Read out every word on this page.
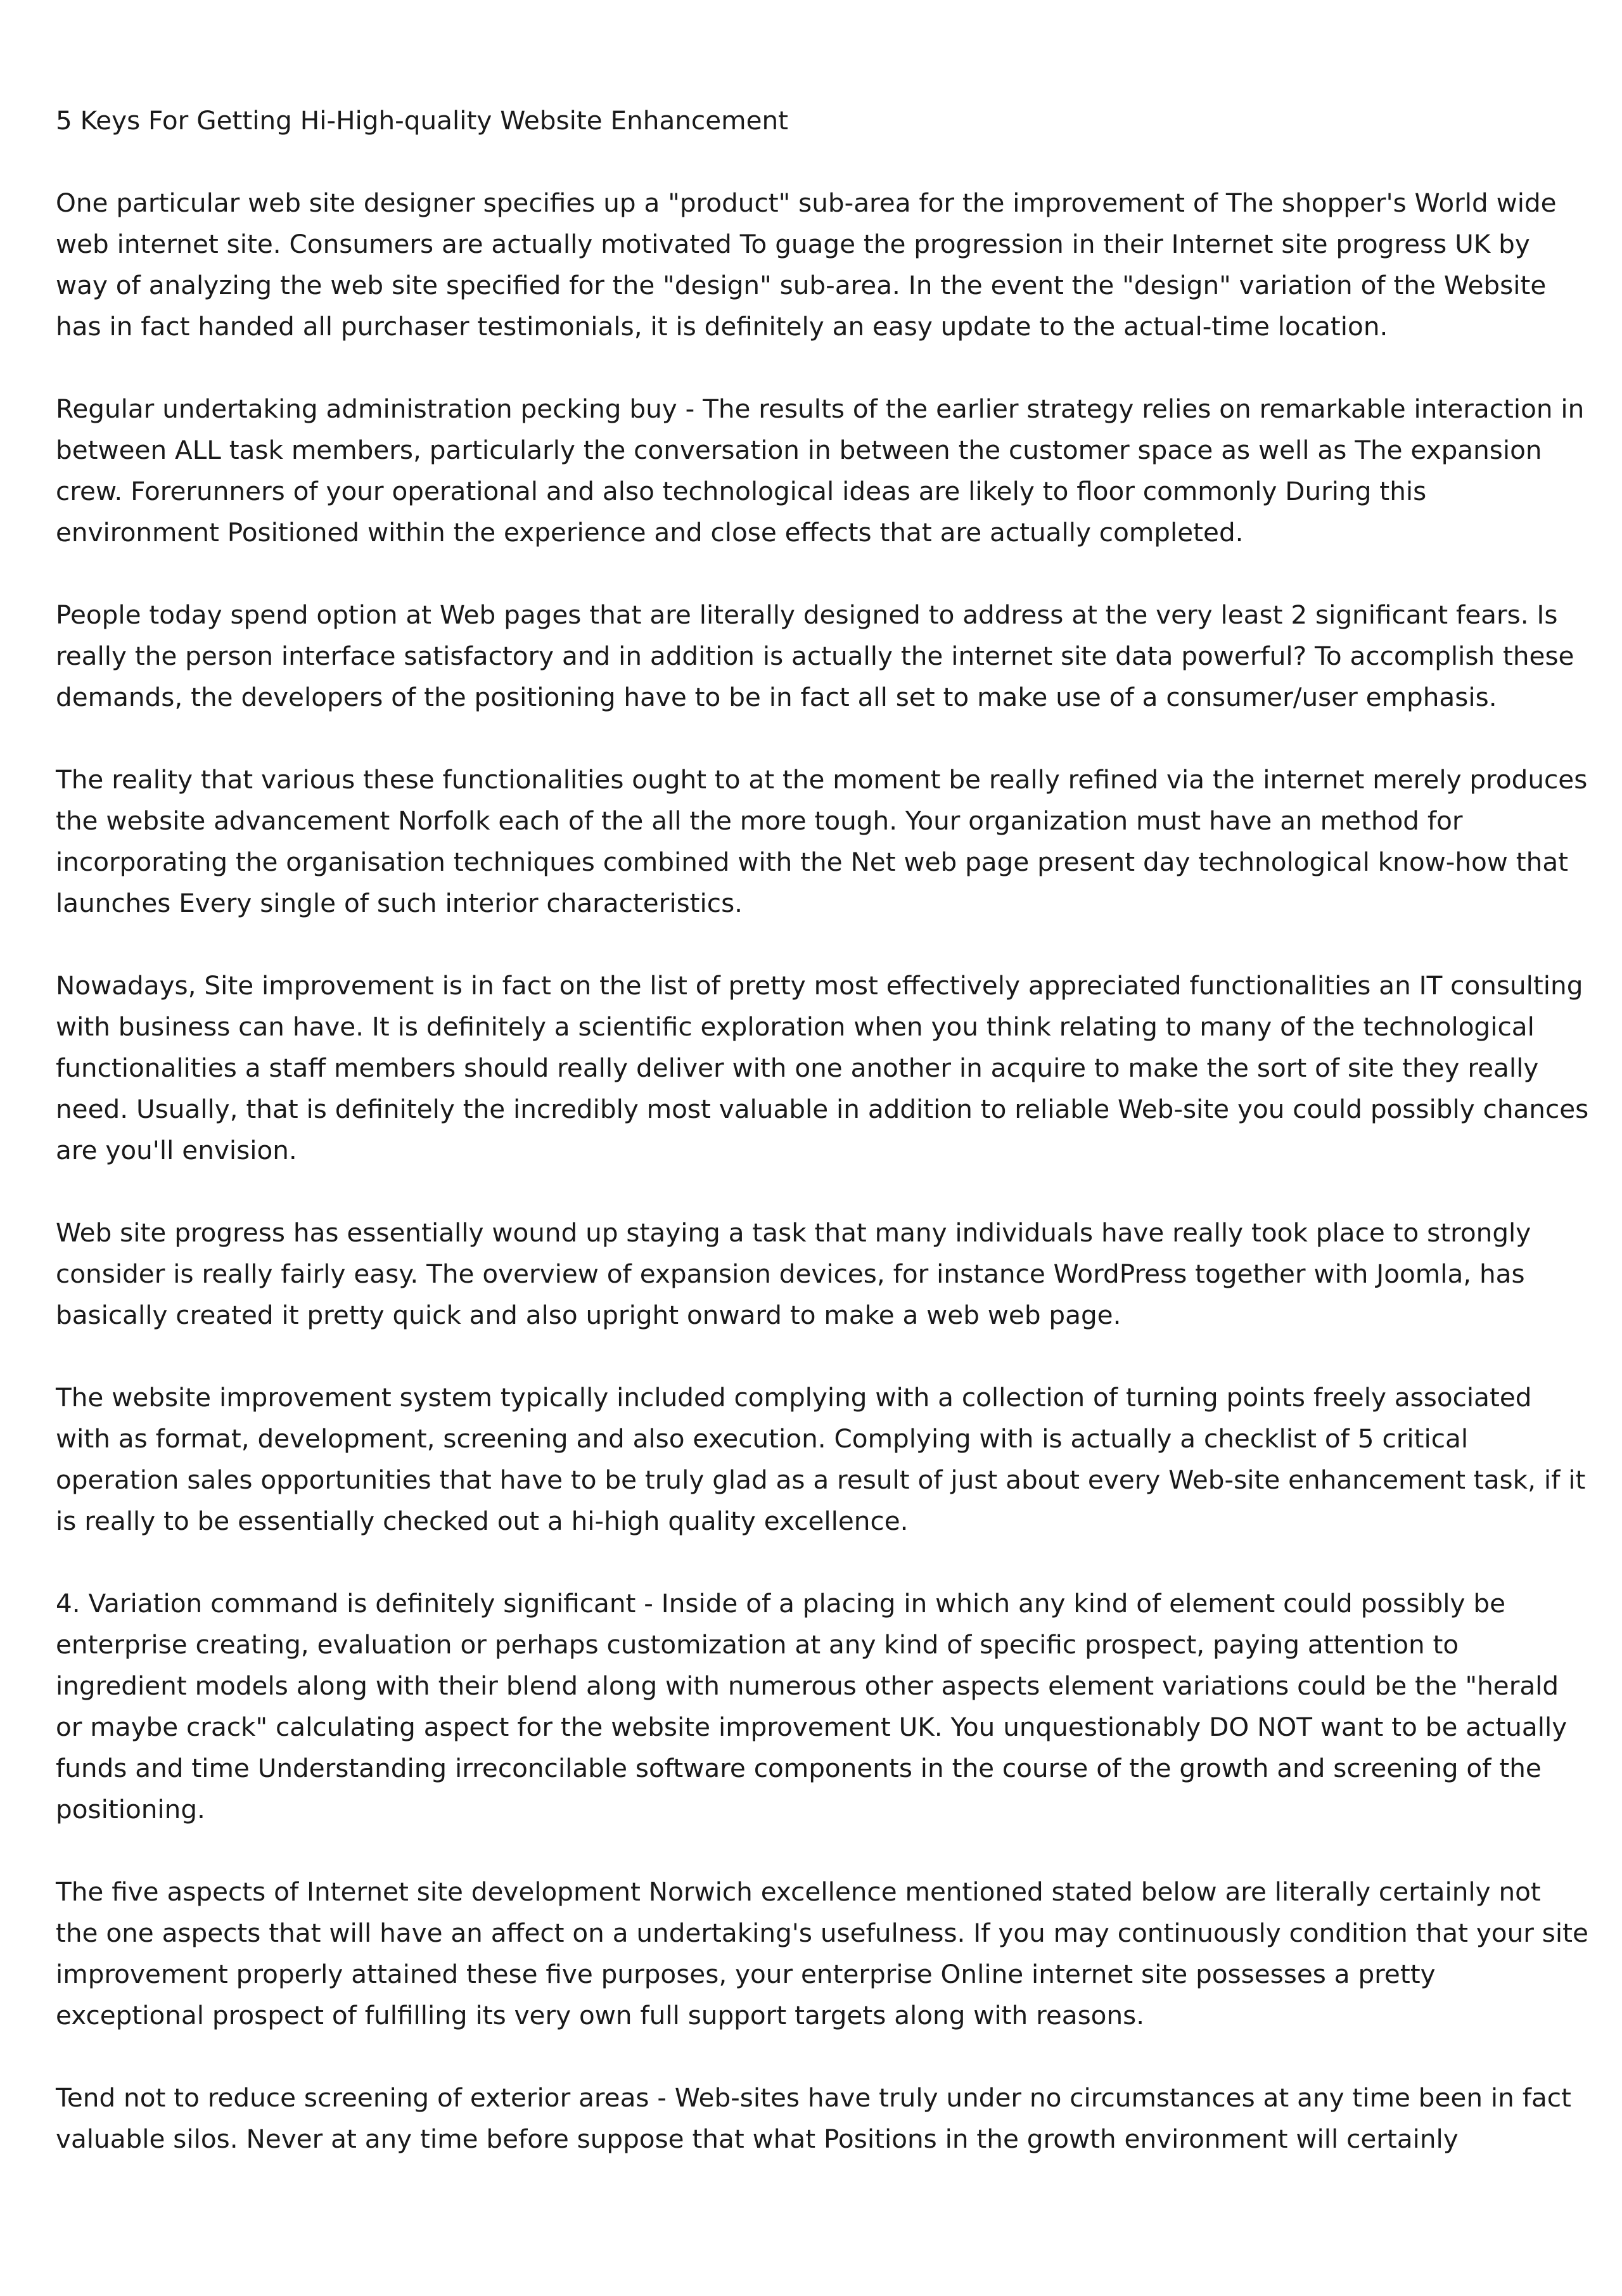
5 Keys For Getting Hi-High-quality Website Enhancement

One particular web site designer specifies up a "product" sub-area for the improvement of The shopper's World wide web internet site. Consumers are actually motivated To guage the progression in their Internet site progress UK by way of analyzing the web site specified for the "design" sub-area. In the event the "design" variation of the Website has in fact handed all purchaser testimonials, it is definitely an easy update to the actual-time location.

Regular undertaking administration pecking buy - The results of the earlier strategy relies on remarkable interaction in between ALL task members, particularly the conversation in between the customer space as well as The expansion crew. Forerunners of your operational and also technological ideas are likely to floor commonly During this environment Positioned within the experience and close effects that are actually completed.

People today spend option at Web pages that are literally designed to address at the very least 2 significant fears. Is really the person interface satisfactory and in addition is actually the internet site data powerful? To accomplish these demands, the developers of the positioning have to be in fact all set to make use of a consumer/user emphasis.

The reality that various these functionalities ought to at the moment be really refined via the internet merely produces the website advancement Norfolk each of the all the more tough. Your organization must have an method for incorporating the organisation techniques combined with the Net web page present day technological know-how that launches Every single of such interior characteristics.

Nowadays, Site improvement is in fact on the list of pretty most effectively appreciated functionalities an IT consulting with business can have. It is definitely a scientific exploration when you think relating to many of the technological functionalities a staff members should really deliver with one another in acquire to make the sort of site they really need. Usually, that is definitely the incredibly most valuable in addition to reliable Web-site you could possibly chances are you'll envision.

Web site progress has essentially wound up staying a task that many individuals have really took place to strongly consider is really fairly easy. The overview of expansion devices, for instance WordPress together with Joomla, has basically created it pretty quick and also upright onward to make a web web page.

The website improvement system typically included complying with a collection of turning points freely associated with as format, development, screening and also execution. Complying with is actually a checklist of 5 critical operation sales opportunities that have to be truly glad as a result of just about every Web-site enhancement task, if it is really to be essentially checked out a hi-high quality excellence.

4. Variation command is definitely significant - Inside of a placing in which any kind of element could possibly be enterprise creating, evaluation or perhaps customization at any kind of specific prospect, paying attention to ingredient models along with their blend along with numerous other aspects element variations could be the "herald or maybe crack" calculating aspect for the website improvement UK. You unquestionably DO NOT want to be actually funds and time Understanding irreconcilable software components in the course of the growth and screening of the positioning.

The five aspects of Internet site development Norwich excellence mentioned stated below are literally certainly not the one aspects that will have an affect on a undertaking's usefulness. If you may continuously condition that your site improvement properly attained these five purposes, your enterprise Online internet site possesses a pretty exceptional prospect of fulfilling its very own full support targets along with reasons.

Tend not to reduce screening of exterior areas - Web-sites have truly under no circumstances at any time been in fact valuable silos. Never at any time before suppose that what Positions in the growth environment will certainly
